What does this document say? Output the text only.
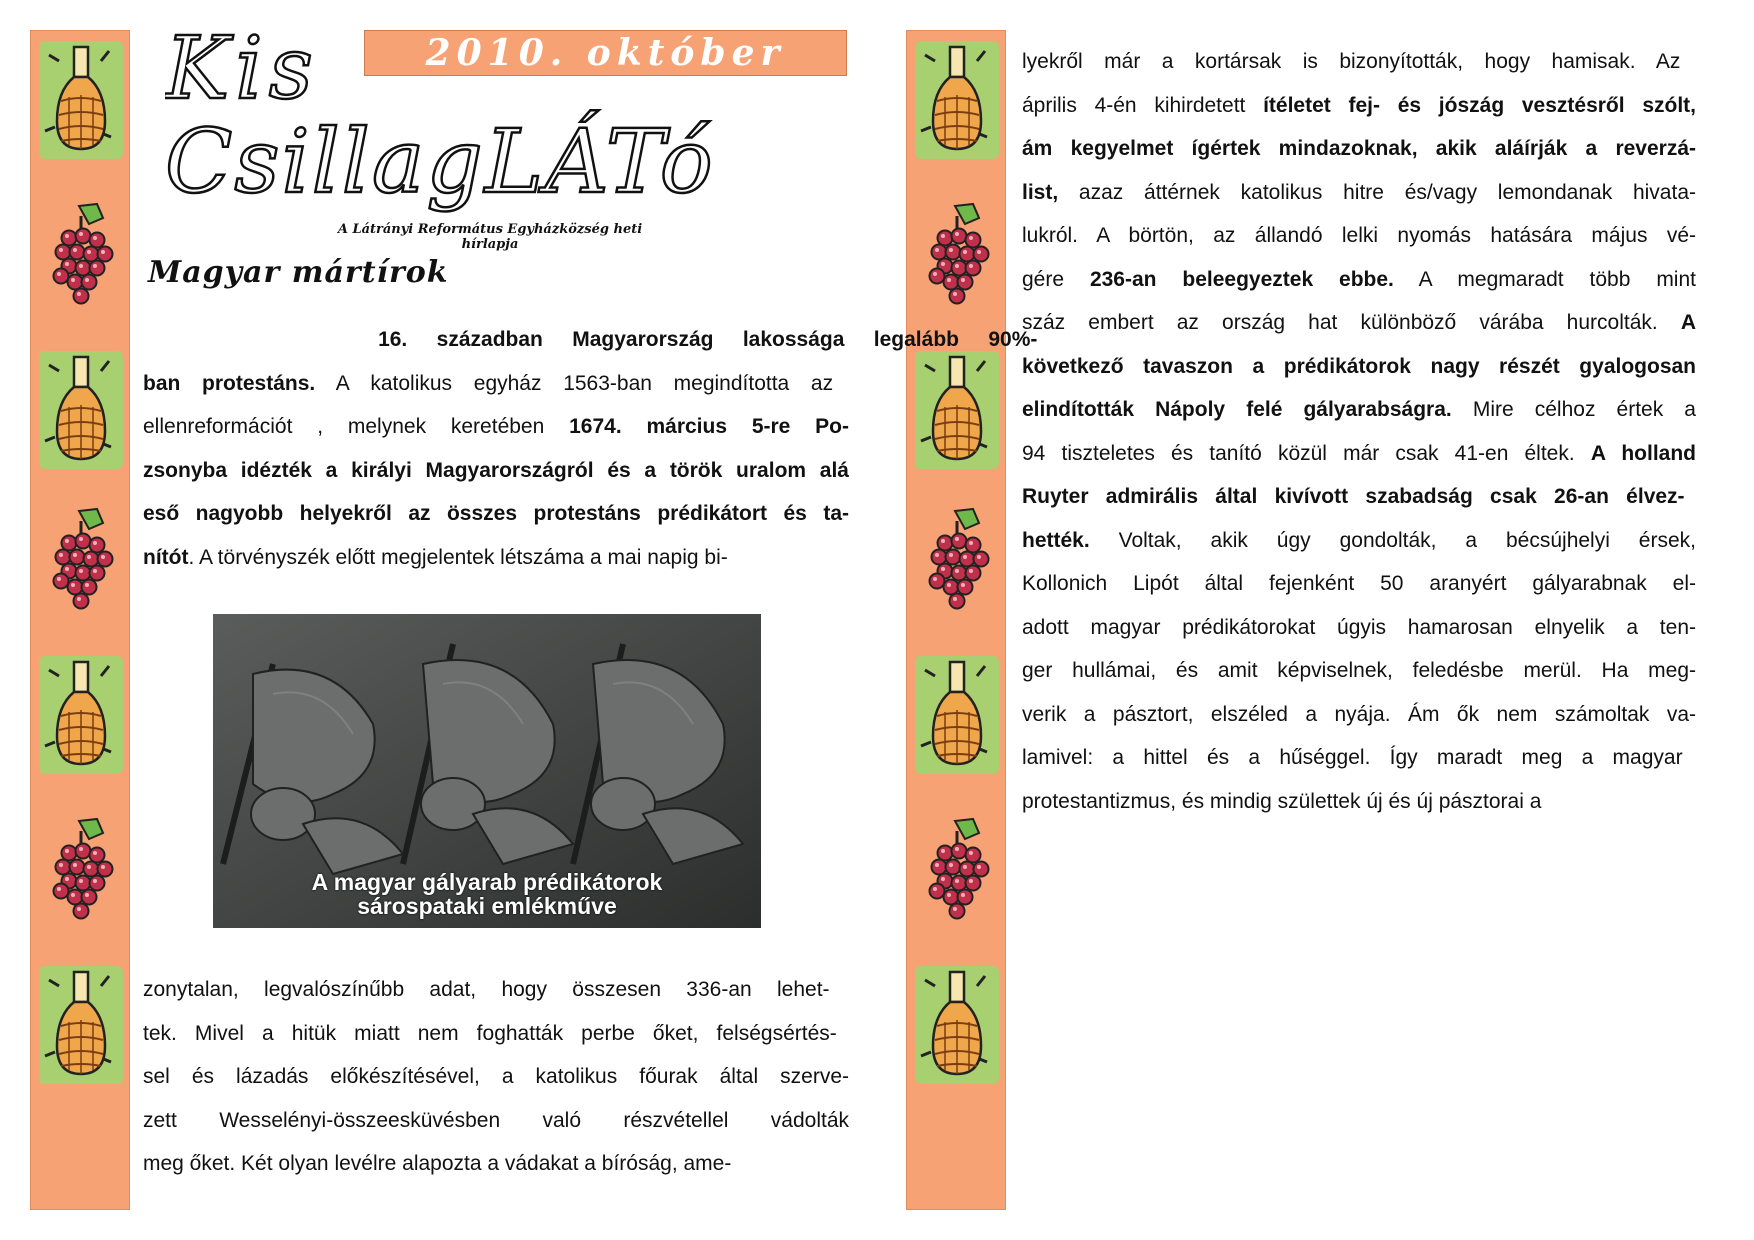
Kis
CsillagLÁTó
2010. október
A Látrányi Református Egyházközség heti hírlapja
Magyar mártírok
16. században Magyarország lakossága legalább 90%-
ban protestáns. A katolikus egyház 1563-ban megindította az
ellenreformációt , melynek keretében 1674. március 5-re Po-
zsonyba idézték a királyi Magyarországról és a török uralom alá
eső nagyobb helyekről az összes protestáns prédikátort és ta-
nítót. A törvényszék előtt megjelentek létszáma a mai napig bi-
zonytalan, legvalószínűbb adat, hogy összesen 336-an lehet-
tek. Mivel a hitük miatt nem foghatták perbe őket, felségsértés-
sel és lázadás előkészítésével, a katolikus főurak által szerve-
zett Wesselényi-összeesküvésben való részvétellel vádolták
meg őket. Két olyan levélre alapozta a vádakat a bíróság, ame-
lyekről már a kortársak is bizonyították, hogy hamisak. Az
április 4-én kihirdetett ítéletet fej- és jószág vesztésről szólt,
ám kegyelmet ígértek mindazoknak, akik aláírják a reverzá-
list, azaz áttérnek katolikus hitre és/vagy lemondanak hivata-
lukról. A börtön, az állandó lelki nyomás hatására május vé-
gére 236-an beleegyeztek ebbe. A megmaradt több mint
száz embert az ország hat különböző várába hurcolták. A
következő tavaszon a prédikátorok nagy részét gyalogosan
elindították Nápoly felé gályarabságra. Mire célhoz értek a
94 tiszteletes és tanító közül már csak 41-en éltek. A holland
Ruyter admirális által kivívott szabadság csak 26-an élvez-
hették. Voltak, akik úgy gondolták, a bécsújhelyi érsek,
Kollonich Lipót által fejenként 50 aranyért gályarabnak el-
adott magyar prédikátorokat úgyis hamarosan elnyelik a ten-
ger hullámai, és amit képviselnek, feledésbe merül. Ha meg-
verik a pásztort, elszéled a nyája. Ám ők nem számoltak va-
lamivel: a hittel és a hűséggel. Így maradt meg a magyar
protestantizmus, és mindig születtek új és új pásztorai a
A magyar gályarab prédikátorok
sárospataki emlékműve
